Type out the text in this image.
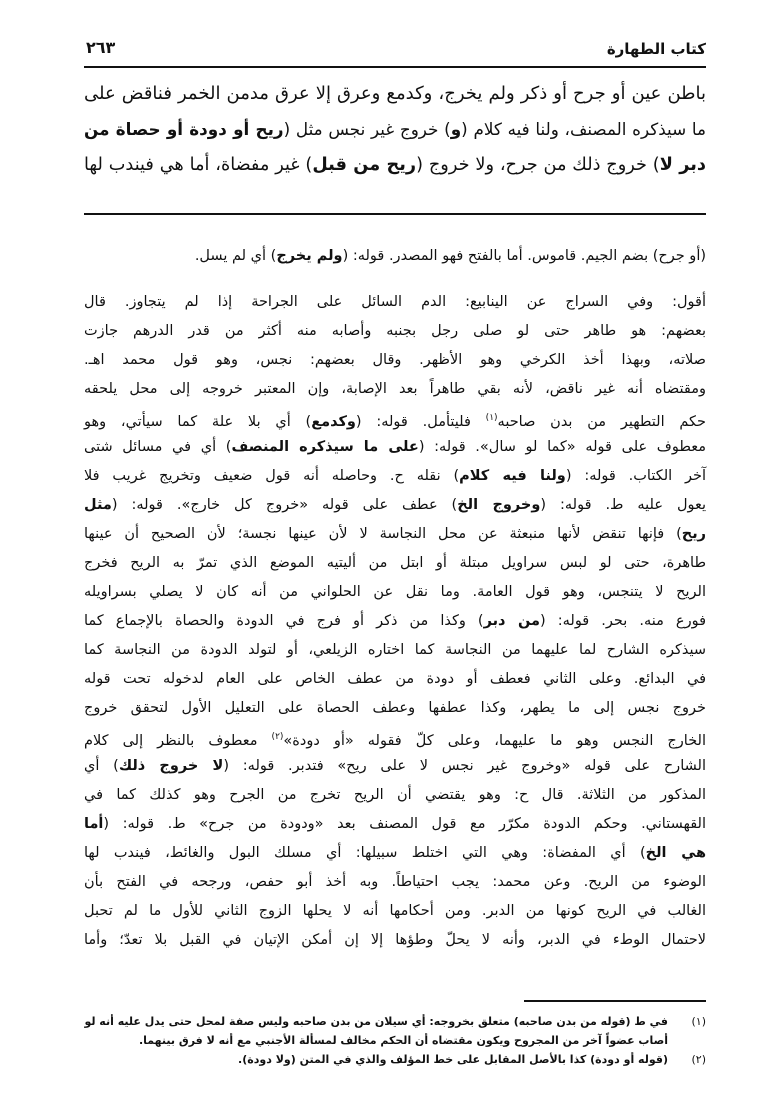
كتاب الطهارة
٢٦٣
باطن عين أو جرح أو ذكر ولم يخرج، وكدمع وعرق إلا عرق مدمن الخمر فناقض على
ما سيذكره المصنف، ولنا فيه كلام (و) خروج غير نجس مثل (ريح أو دودة أو حصاة من
دبر لا) خروج ذلك من جرح، ولا خروج (ريح من قبل) غير مفضاة، أما هي فيندب لها
(أو جرح) بضم الجيم. قاموس. أما بالفتح فهو المصدر. قوله: (ولم يخرج) أي لم يسل.
أقول: وفي السراج عن الينابيع: الدم السائل على الجراحة إذا لم يتجاوز. قال
بعضهم: هو طاهر حتى لو صلى رجل بجنبه وأصابه منه أكثر من قدر الدرهم جازت
صلاته، وبهذا أخذ الكرخي وهو الأظهر. وقال بعضهم: نجس، وهو قول محمد اهـ.
ومقتضاه أنه غير ناقض، لأنه بقي طاهراً بعد الإصابة، وإن المعتبر خروجه إلى محل يلحقه
حكم التطهير من بدن صاحبه$^{(١)}$ فليتأمل. قوله: (وكدمع) أي بلا علة كما سيأتي، وهو
معطوف على قوله «كما لو سال». قوله: (على ما سيذكره المنصف) أي في مسائل شتى
آخر الكتاب. قوله: (ولنا فيه كلام) نقله ح. وحاصله أنه قول ضعيف وتخريج غريب فلا
يعول عليه ط. قوله: (وخروج الخ) عطف على قوله «خروج كل خارج». قوله: (مثل
ريح) فإنها تنقض لأنها منبعثة عن محل النجاسة لا لأن عينها نجسة؛ لأن الصحيح أن عينها
طاهرة، حتى لو لبس سراويل مبتلة أو ابتل من أليتيه الموضع الذي تمرّ به الريح فخرج
الريح لا يتنجس، وهو قول العامة. وما نقل عن الحلواني من أنه كان لا يصلي بسراويله
فورع منه. بحر. قوله: (من دبر) وكذا من ذكر أو فرج في الدودة والحصاة بالإجماع كما
سيذكره الشارح لما عليهما من النجاسة كما اختاره الزيلعي، أو لتولد الدودة من النجاسة كما
في البدائع. وعلى الثاني فعطف أو دودة من عطف الخاص على العام لدخوله تحت قوله
خروج نجس إلى ما يطهر، وكذا عطفها وعطف الحصاة على التعليل الأول لتحقق خروج
الخارج النجس وهو ما عليهما، وعلى كلّ فقوله «أو دودة»$^{(٢)}$ معطوف بالنظر إلى كلام
الشارح على قوله «وخروج غير نجس لا على ريح» فتدبر. قوله: (لا خروج ذلك) أي
المذكور من الثلاثة. قال ح: وهو يقتضي أن الريح تخرج من الجرح وهو كذلك كما في
القهستاني. وحكم الدودة مكرّر مع قول المصنف بعد «ودودة من جرح» ط. قوله: (أما
هي الخ) أي المفضاة: وهي التي اختلط سبيلها: أي مسلك البول والغائط، فيندب لها
الوضوء من الريح. وعن محمد: يجب احتياطاً. وبه أخذ أبو حفص، ورجحه في الفتح بأن
الغالب في الريح كونها من الدبر. ومن أحكامها أنه لا يحلها الزوج الثاني للأول ما لم تحبل
لاحتمال الوطء في الدبر، وأنه لا يحلّ وطؤها إلا إن أمكن الإتيان في القبل بلا تعدّ؛ وأما
(١)
في ط (قوله من بدن صاحبه) متعلق بخروجه: أي سيلان من بدن صاحبه وليس صفة لمحل حتى يدل عليه أنه لو
أصاب عضواً آخر من المجروح ويكون مقتضاه أن الحكم مخالف لمسألة الأجنبي مع أنه لا فرق بينهما.
(٢)
(قوله أو دودة) كذا بالأصل المقابل على خط المؤلف والذي في المتن (ولا دودة).
